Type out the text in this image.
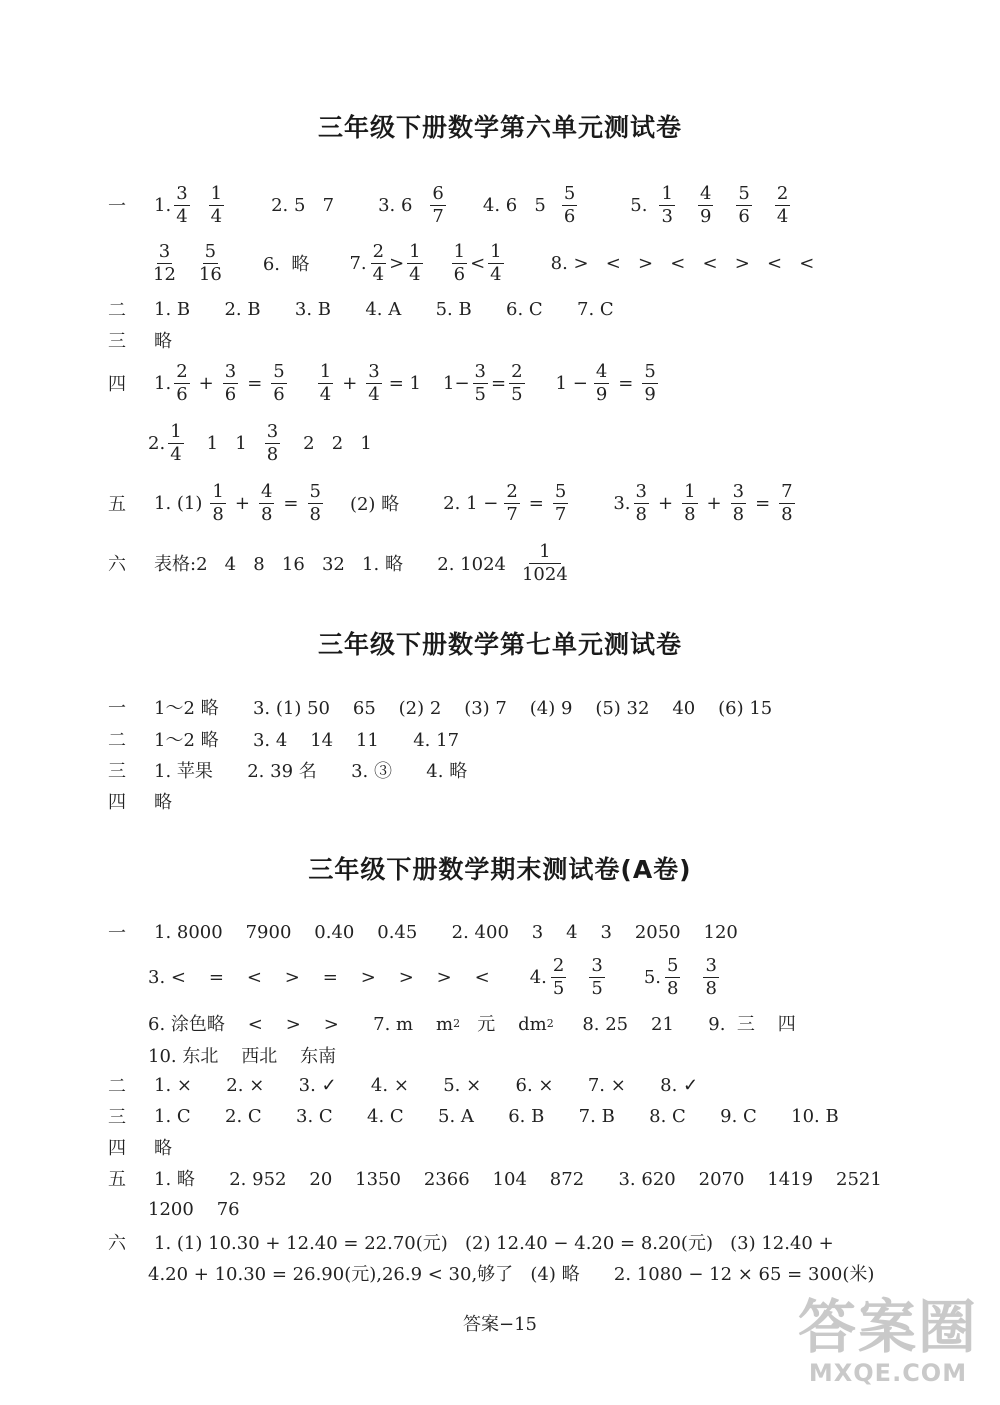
三年级下册数学第六单元测试卷
一 1. $\frac{3}{4} \frac{1}{4}$	2. 5   7 3. $6 \frac{6}{7} 4$. 6   $5 \frac{5}{6}$	5. $\frac{1}{3} \frac{4}{9} \frac{5}{6} \frac{2}{4}$
$\frac{3}{12} \frac{5}{16} 6$.  略 7. $\frac{2}{4} > \frac{1}{4} \frac{1}{6} < \frac{1}{4}$	8. >   <   >   <   <   >   <   <
二 1. B      2. B      3. B      4. A      5. B      6. C      7. C
三 略
四 1. $\frac{2}{6} + \frac{3}{6} = \frac{5}{6} \frac{1}{4} + \frac{3}{4} = 1$ $1- \frac{3}{5} = \frac{2}{5} 1 - \frac{4}{9} = \frac{5}{9}$
2. $\frac{1}{4} 1$   $1 \frac{3}{8} 2$   2   1
五 1. $(1) \frac{1}{8} + \frac{4}{8} = \frac{5}{8} (2)$ 略 2. $1 - \frac{2}{7} = \frac{5}{7}$	3. $\frac{3}{8} + \frac{1}{8} + \frac{3}{8} = \frac{7}{8}$
六 表格:2   4   8   16   32   1. 略      2. $1024 \frac{1}{1024}$
三年级下册数学第七单元测试卷
一 1～2 略      3. (1) 50    65    (2) 2    (3) 7    (4) 9    (5) 32    40    (6) 15
二 1～2 略      3. 4    14    11      4. 17
三 1. 苹果      2. 39 名      3. ③      4. 略
四 略
三年级下册数学期末测试卷(A卷)
一 1. 8000    7900    0.40    0.45      2. 400    3    4    3    2050    120
3. <    =    <    >    =    >    >    >    < 4. $\frac{2}{5} \frac{3}{5} 5$. $\frac{5}{8} \frac{3}{8}$
6. 涂色略    <    >    >      7. m    m 2 元    dm 2 8. 25    21      9.  三    四
10. 东北    西北    东南
二 1. ×      2. ×      3. ✓      4. ×      5. ×      6. ×      7. ×      8. ✓
三 1. C      2. C      3. C      4. C      5. A      6. B      7. B      8. C      9. C      10. B
四 略
五 1. 略      2. 952    20    1350    2366    104    872      3. 620    2070    1419    2521
1200    76
六 1. (1) 10.30 + 12.40 = 22.70(元)   (2) 12.40 − 4.20 = 8.20(元)   (3) 12.40 +
4.20 + 10.30 = 26.90(元),26.9 < 30,够了   (4) 略      2. 1080 − 12 × 65 = 300(米)
答案−15	答案圈
MXQE.COM
